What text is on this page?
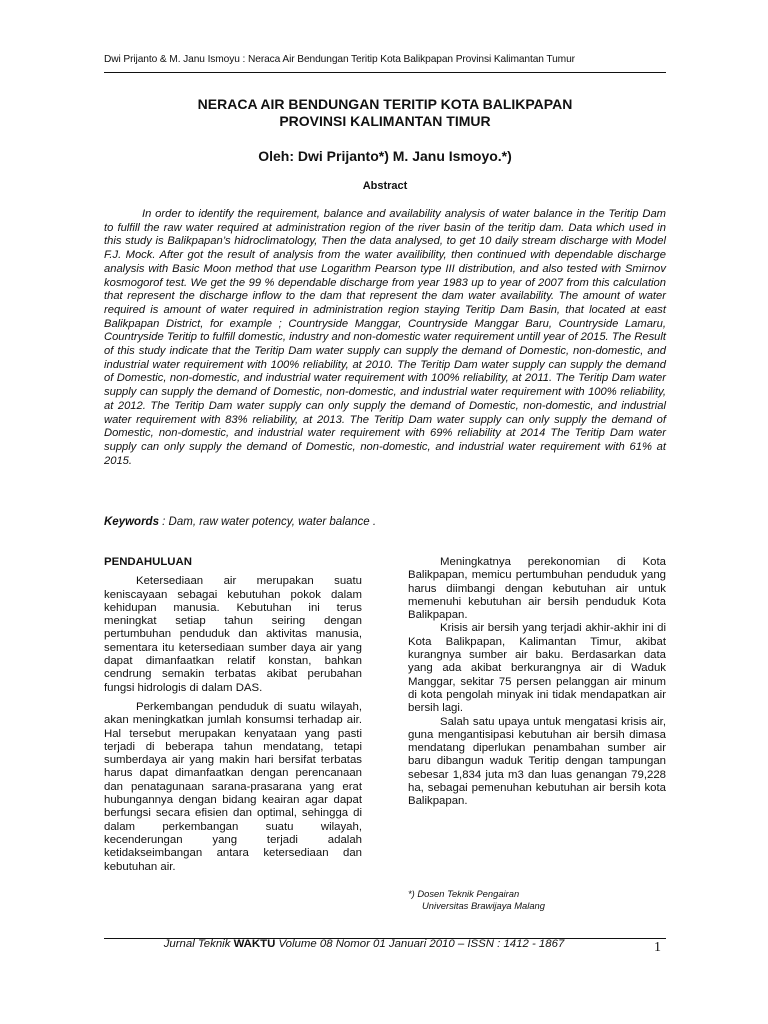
Dwi Prijanto & M. Janu Ismoyu : Neraca Air Bendungan Teritip Kota Balikpapan Provinsi Kalimantan Tumur
NERACA AIR BENDUNGAN TERITIP KOTA BALIKPAPAN
PROVINSI KALIMANTAN TIMUR
Oleh: Dwi Prijanto*) M. Janu Ismoyo.*)
Abstract

In order to identify the requirement, balance and availability analysis of water balance in the Teritip Dam to fulfill the raw water required at administration region of the river basin of the teritip dam. Data which used in this study is Balikpapan’s hidroclimatology, Then the data analysed, to get 10 daily stream discharge with Model F.J. Mock. After got the result of analysis from the water availibility, then continued with dependable discharge analysis with Basic Moon method that use Logarithm Pearson type III distribution, and also tested with Smirnov kosmogorof test. We get the 99 % dependable discharge from year 1983 up to year of 2007 from this calculation that represent the discharge inflow to the dam that represent the dam water availability. The amount of water required is amount of water required in administration region staying Teritip Dam Basin, that located at east Balikpapan District, for example ; Countryside Manggar, Countryside Manggar Baru, Countryside Lamaru, Countryside Teritip to fulfill domestic, industry and non-domestic water requirement untill year of 2015. The Result of this study indicate that the Teritip Dam water supply can supply the demand of Domestic, non-domestic, and industrial water requirement with 100% reliability, at 2010. The Teritip Dam water supply can supply the demand of Domestic, non-domestic, and industrial water requirement with 100% reliability, at 2011. The Teritip Dam water supply can supply the demand of Domestic, non-domestic, and industrial water requirement with 100% reliability, at 2012. The Teritip Dam water supply can only supply the demand of Domestic, non-domestic, and industrial water requirement with 83% reliability, at 2013. The Teritip Dam water supply can only supply the demand of Domestic, non-domestic, and industrial water requirement with 69% reliability at 2014 The Teritip Dam water supply can only supply the demand of Domestic, non-domestic, and industrial water requirement with 61% at 2015.

Keywords : Dam, raw water potency, water balance .

PENDAHULUAN

Ketersediaan air merupakan suatu keniscayaan sebagai kebutuhan pokok dalam kehidupan manusia. Kebutuhan ini terus meningkat setiap tahun seiring dengan pertumbuhan penduduk dan aktivitas manusia, sementara itu ketersediaan sumber daya air yang dapat dimanfaatkan relatif konstan, bahkan cendrung semakin terbatas akibat perubahan fungsi hidrologis di dalam DAS.

Perkembangan penduduk di suatu wilayah, akan meningkatkan jumlah konsumsi terhadap air. Hal tersebut merupakan kenyataan yang pasti terjadi di beberapa tahun mendatang, tetapi sumberdaya air yang makin hari bersifat terbatas harus dapat dimanfaatkan dengan perencanaan dan penatagunaan sarana-prasarana yang erat hubungannya dengan bidang keairan agar dapat berfungsi secara efisien dan optimal, sehingga di dalam perkembangan suatu wilayah, kecenderungan yang terjadi adalah ketidakseimbangan antara ketersediaan dan kebutuhan air.

Meningkatnya perekonomian di Kota Balikpapan, memicu pertumbuhan penduduk yang harus diimbangi dengan kebutuhan air untuk memenuhi kebutuhan air bersih penduduk Kota Balikpapan.

Krisis air bersih yang terjadi akhir-akhir ini di Kota Balikpapan, Kalimantan Timur, akibat kurangnya sumber air baku. Berdasarkan data yang ada akibat berkurangnya air di Waduk Manggar, sekitar 75 persen pelanggan air minum di kota pengolah minyak ini tidak mendapatkan air bersih lagi.

Salah satu upaya untuk mengatasi krisis air, guna mengantisipasi kebutuhan air bersih dimasa mendatang diperlukan penambahan sumber air baru dibangun waduk Teritip dengan tampungan sebesar 1,834 juta m3 dan luas genangan 79,228 ha, sebagai pemenuhan kebutuhan air bersih kota Balikpapan.

*) Dosen Teknik Pengairan
Universitas Brawijaya Malang
Jurnal Teknik WAKTU Volume 08 Nomor 01 Januari 2010 – ISSN : 1412 - 1867	1
